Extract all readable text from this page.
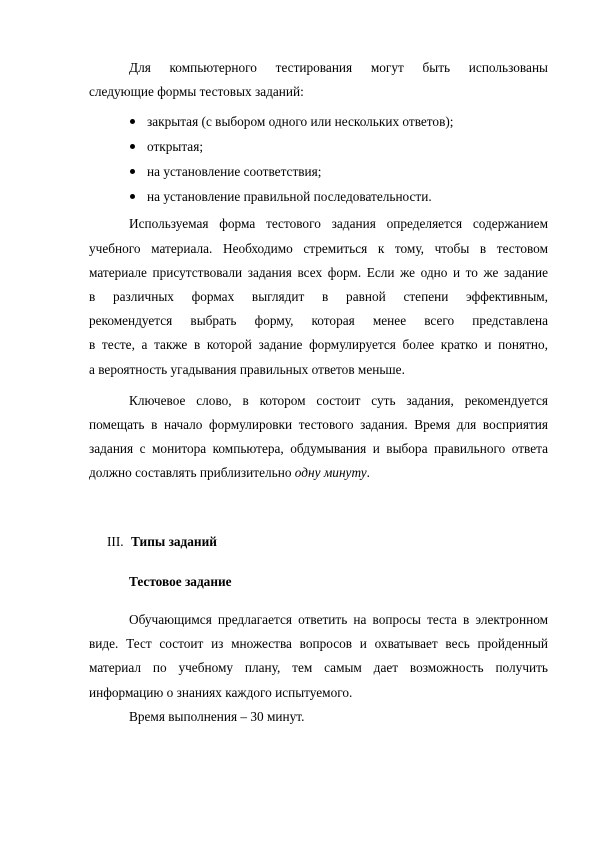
Для компьютерного тестирования могут быть использованы

следующие формы тестовых заданий:

закрытая (с выбором одного или нескольких ответов);
открытая;
на установление соответствия;
на установление правильной последовательности.

Используемая форма тестового задания определяется содержанием

учебного материала. Необходимо стремиться к тому, чтобы в тестовом

материале присутствовали задания всех форм. Если же одно и то же задание

в различных формах выглядит в равной степени эффективным,

рекомендуется выбрать форму, которая менее всего представлена

в тесте, а также в которой задание формулируется более кратко и понятно,

а вероятность угадывания правильных ответов меньше.

Ключевое слово, в котором состоит суть задания, рекомендуется

помещать в начало формулировки тестового задания. Время для восприятия

задания с монитора компьютера, обдумывания и выбора правильного ответа

должно составлять приблизительно одну минуту.

III. Типы заданий
Тестовое задание

Обучающимся предлагается ответить на вопросы теста в электронном

виде. Тест состоит из множества вопросов и охватывает весь пройденный

материал по учебному плану, тем самым дает возможность получить

информацию о знаниях каждого испытуемого.

Время выполнения – 30 минут.
